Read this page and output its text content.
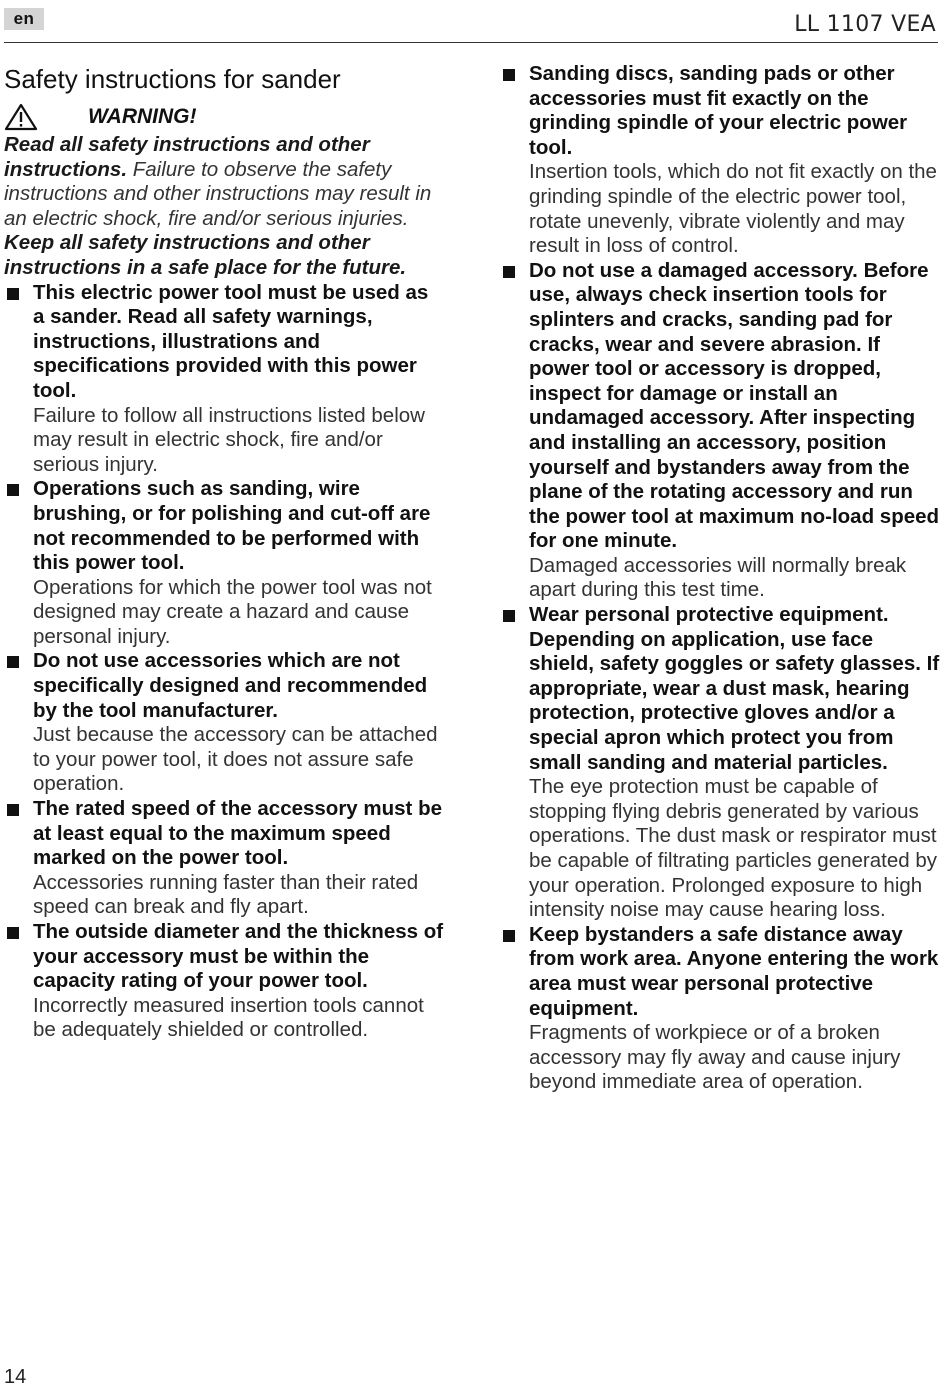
en	LL 1107 VEA
Safety instructions for sander
WARNING!
Read all safety instructions and other instructions. Failure to observe the safety instructions and other instructions may result in an electric shock, fire and/or serious injuries. Keep all safety instructions and other instructions in a safe place for the future.
This electric power tool must be used as a sander. Read all safety warnings, instructions, illustrations and specifications provided with this power tool.
Failure to follow all instructions listed below may result in electric shock, fire and/or serious injury.
Operations such as sanding, wire brushing, or for polishing and cut-off are not recommended to be performed with this power tool.
Operations for which the power tool was not designed may create a hazard and cause personal injury.
Do not use accessories which are not specifically designed and recommended by the tool manufacturer.
Just because the accessory can be attached to your power tool, it does not assure safe operation.
The rated speed of the accessory must be at least equal to the maximum speed marked on the power tool.
Accessories running faster than their rated speed can break and fly apart.
The outside diameter and the thickness of your accessory must be within the capacity rating of your power tool.
Incorrectly measured insertion tools cannot be adequately shielded or controlled.
Sanding discs, sanding pads or other accessories must fit exactly on the grinding spindle of your electric power tool.
Insertion tools, which do not fit exactly on the grinding spindle of the electric power tool, rotate unevenly, vibrate violently and may result in loss of control.
Do not use a damaged accessory. Before use, always check insertion tools for splinters and cracks, sanding pad for cracks, wear and severe abrasion. If power tool or accessory is dropped, inspect for damage or install an undamaged accessory. After inspecting and installing an accessory, position yourself and bystanders away from the plane of the rotating accessory and run the power tool at maximum no-load speed for one minute.
Damaged accessories will normally break apart during this test time.
Wear personal protective equipment. Depending on application, use face shield, safety goggles or safety glasses. If appropriate, wear a dust mask, hearing protection, protective gloves and/or a special apron which protect you from small sanding and material particles.
The eye protection must be capable of stopping flying debris generated by various operations. The dust mask or respirator must be capable of filtrating particles generated by your operation. Prolonged exposure to high intensity noise may cause hearing loss.
Keep bystanders a safe distance away from work area. Anyone entering the work area must wear personal protective equipment.
Fragments of workpiece or of a broken accessory may fly away and cause injury beyond immediate area of operation.
14
